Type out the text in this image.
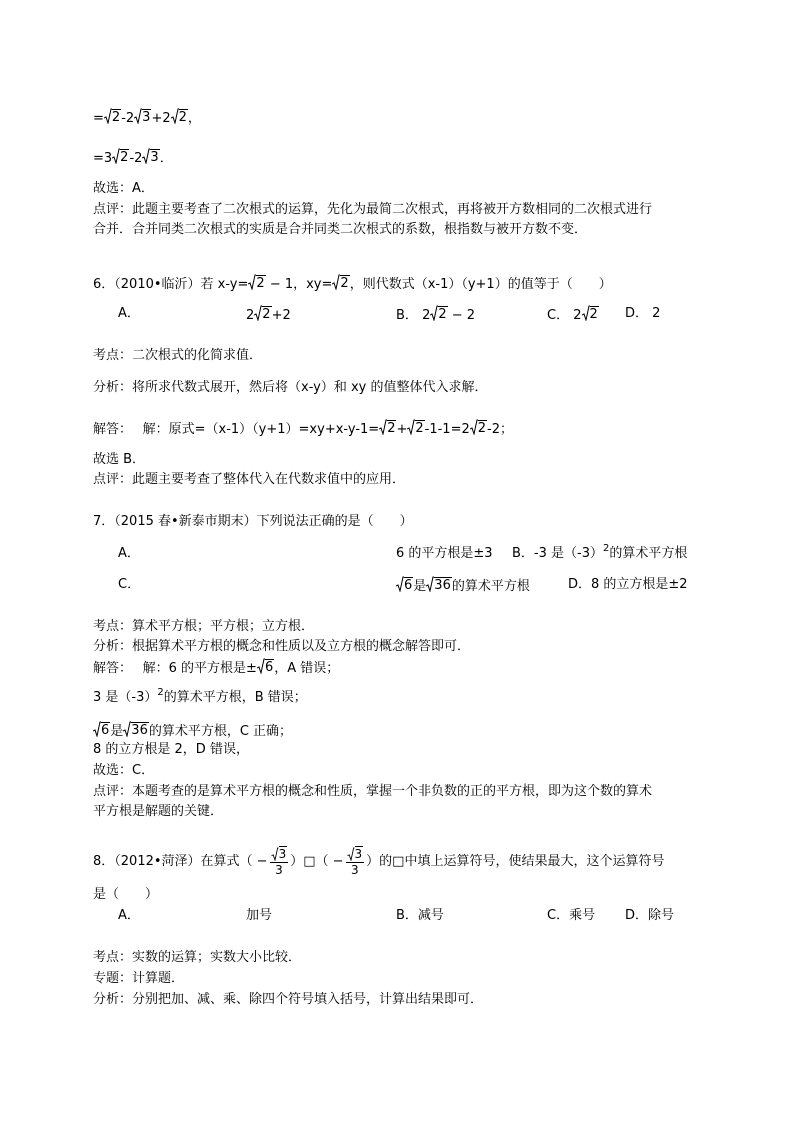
= 2 -2 3 +2 2 ，
=3 2 -2 3 ．
故选：A．
点评：此题主要考查了二次根式的运算，先化为最简二次根式，再将被开方数相同的二次根式进行
合并．合并同类二次根式的实质是合并同类二次根式的系数，根指数与被开方数不变．
6．（2010•临沂）若 x-y= 2 − 1，xy= 2 ，则代数式（x-1）（y+1）的值等于（　　）
A．	2 2 +2	B． 2 2 − 2	C． 2 2 D． 2
考点：二次根式的化简求值．
分析：将所求代数式展开，然后将（x-y）和 xy 的值整体代入求解．
解答：　 解：原式=（x-1）（y+1）=xy+x-y-1= 2 + 2 -1-1=2 2 -2；
故选 B．
点评：此题主要考查了整体代入在代数求值中的应用．
7．（2015 春•新泰市期末）下列说法正确的是（　　）
A．	6 的平方根是±3 B．-3 是$(-3)^2$的算术平方根
C．	6 是 36 的算术平方根	D．8 的立方根是±2
考点：算术平方根；平方根；立方根．
分析：根据算术平方根的概念和性质以及立方根的概念解答即可．
解答：　 解：6 的平方根是± 6 ，A 错误；
3 是$(-3)^2$的算术平方根，B 错误；
6 是 36 的算术平方根，C 正确；
8 的立方根是 2，D 错误，
故选：C．
点评：本题考查的是算术平方根的概念和性质，掌握一个非负数的正的平方根，即为这个数的算术
平方根是解题的关键．
8．（2012•菏泽）在算式（ − $\frac{3}{3}$ ）□（ − $\frac{3}{3}$ ）的□中填上运算符号，使结果最大，这个运算符号
是（　　）
A．	加号	B．减号	C．乘号 D．除号
考点：实数的运算；实数大小比较．
专题：计算题．
分析：分别把加、减、乘、除四个符号填入括号，计算出结果即可．
